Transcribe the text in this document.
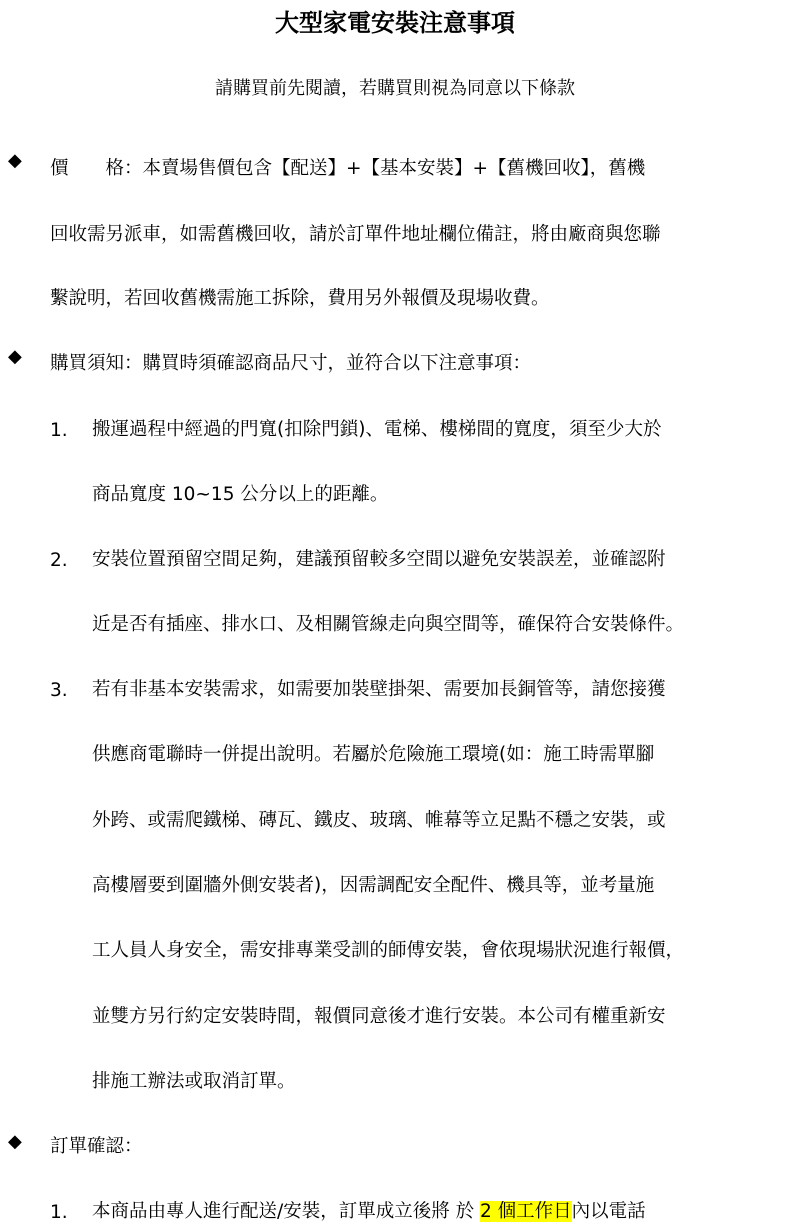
大型家電安裝注意事項
請購買前先閱讀，若購買則視為同意以下條款
◆ 價　　格：本賣場售價包含【配送】+【基本安裝】+【舊機回收】，舊機
回收需另派車，如需舊機回收，請於訂單件地址欄位備註，將由廠商與您聯
繫說明，若回收舊機需施工拆除，費用另外報價及現場收費。
◆ 購買須知：購買時須確認商品尺寸，並符合以下注意事項：
1. 搬運過程中經過的門寬(扣除門鎖)、電梯、樓梯間的寬度，須至少大於
商品寬度 10~15 公分以上的距離。
2. 安裝位置預留空間足夠，建議預留較多空間以避免安裝誤差，並確認附
近是否有插座、排水口、及相關管線走向與空間等，確保符合安裝條件。
3. 若有非基本安裝需求，如需要加裝壁掛架、需要加長銅管等，請您接獲
供應商電聯時一併提出說明。若屬於危險施工環境(如：施工時需單腳
外跨、或需爬鐵梯、磚瓦、鐵皮、玻璃、帷幕等立足點不穩之安裝，或
高樓層要到圍牆外側安裝者)，因需調配安全配件、機具等，並考量施
工人員人身安全，需安排專業受訓的師傅安裝，會依現場狀況進行報價，
並雙方另行約定安裝時間，報價同意後才進行安裝。本公司有權重新安
排施工辦法或取消訂單。
◆ 訂單確認：
1. 本商品由專人進行配送/安裝，訂單成立後將 於 2 個工作日內以電話
